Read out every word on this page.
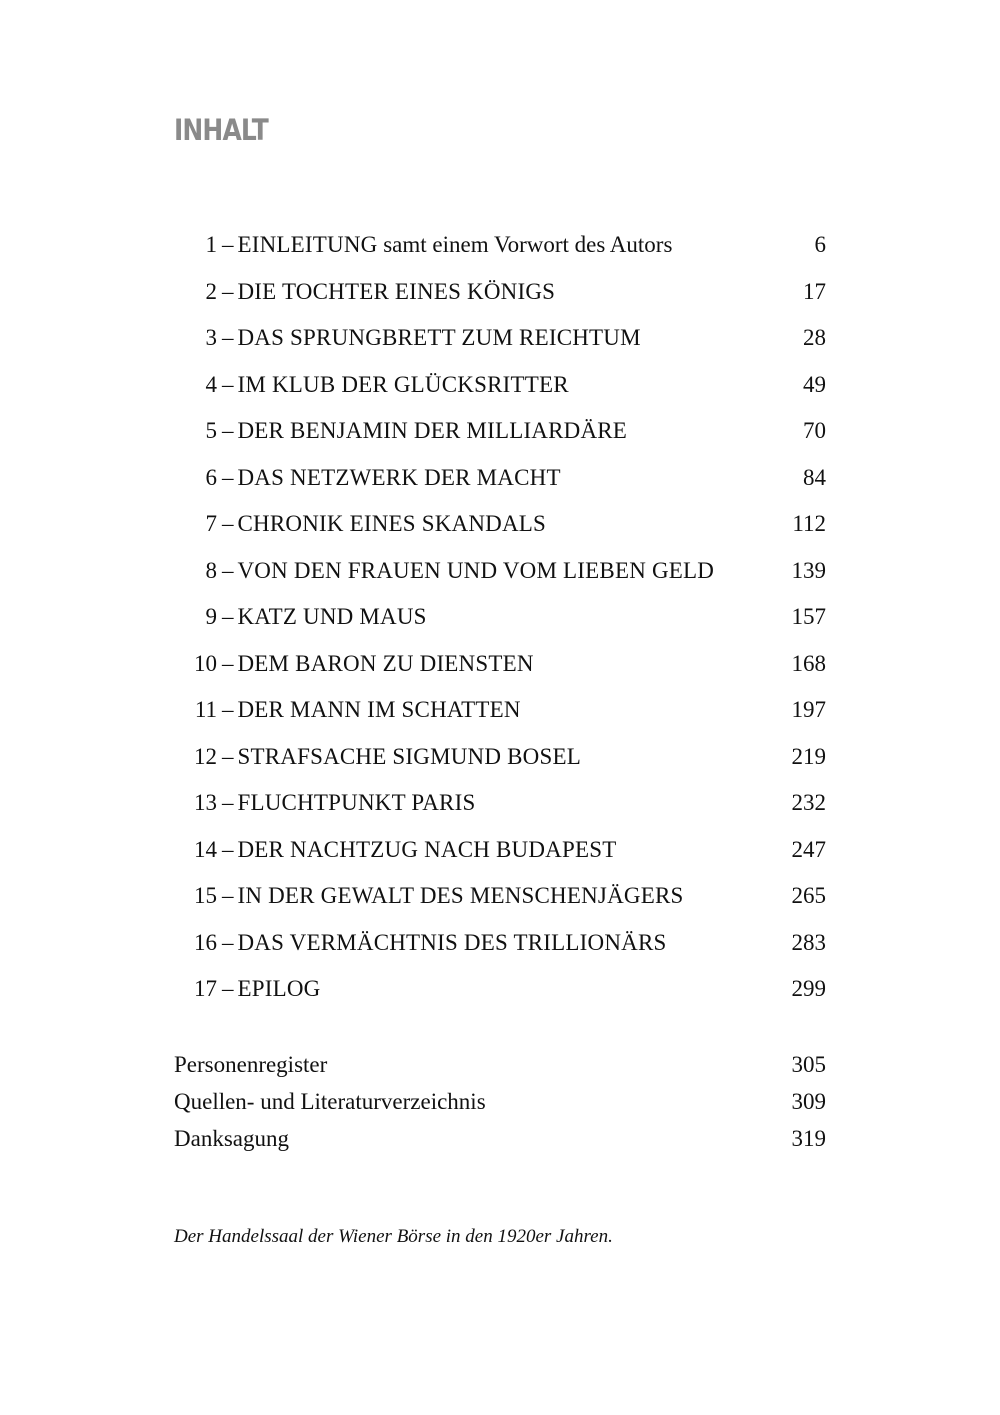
INHALT
1 – EINLEITUNG samt einem Vorwort des Autors	6
2 – DIE TOCHTER EINES KÖNIGS	17
3 – DAS SPRUNGBRETT ZUM REICHTUM	28
4 – IM KLUB DER GLÜCKSRITTER	49
5 – DER BENJAMIN DER MILLIARDÄRE	70
6 – DAS NETZWERK DER MACHT	84
7 – CHRONIK EINES SKANDALS	112
8 – VON DEN FRAUEN UND VOM LIEBEN GELD	139
9 – KATZ UND MAUS	157
10 – DEM BARON ZU DIENSTEN	168
11 – DER MANN IM SCHATTEN	197
12 – STRAFSACHE SIGMUND BOSEL	219
13 – FLUCHTPUNKT PARIS	232
14 – DER NACHTZUG NACH BUDAPEST	247
15 – IN DER GEWALT DES MENSCHENJÄGERS	265
16 – DAS VERMÄCHTNIS DES TRILLIONÄRS	283
17 – EPILOG	299
Personenregister	305
Quellen- und Literaturverzeichnis	309
Danksagung	319

Der Handelssaal der Wiener Börse in den 1920er Jahren.
